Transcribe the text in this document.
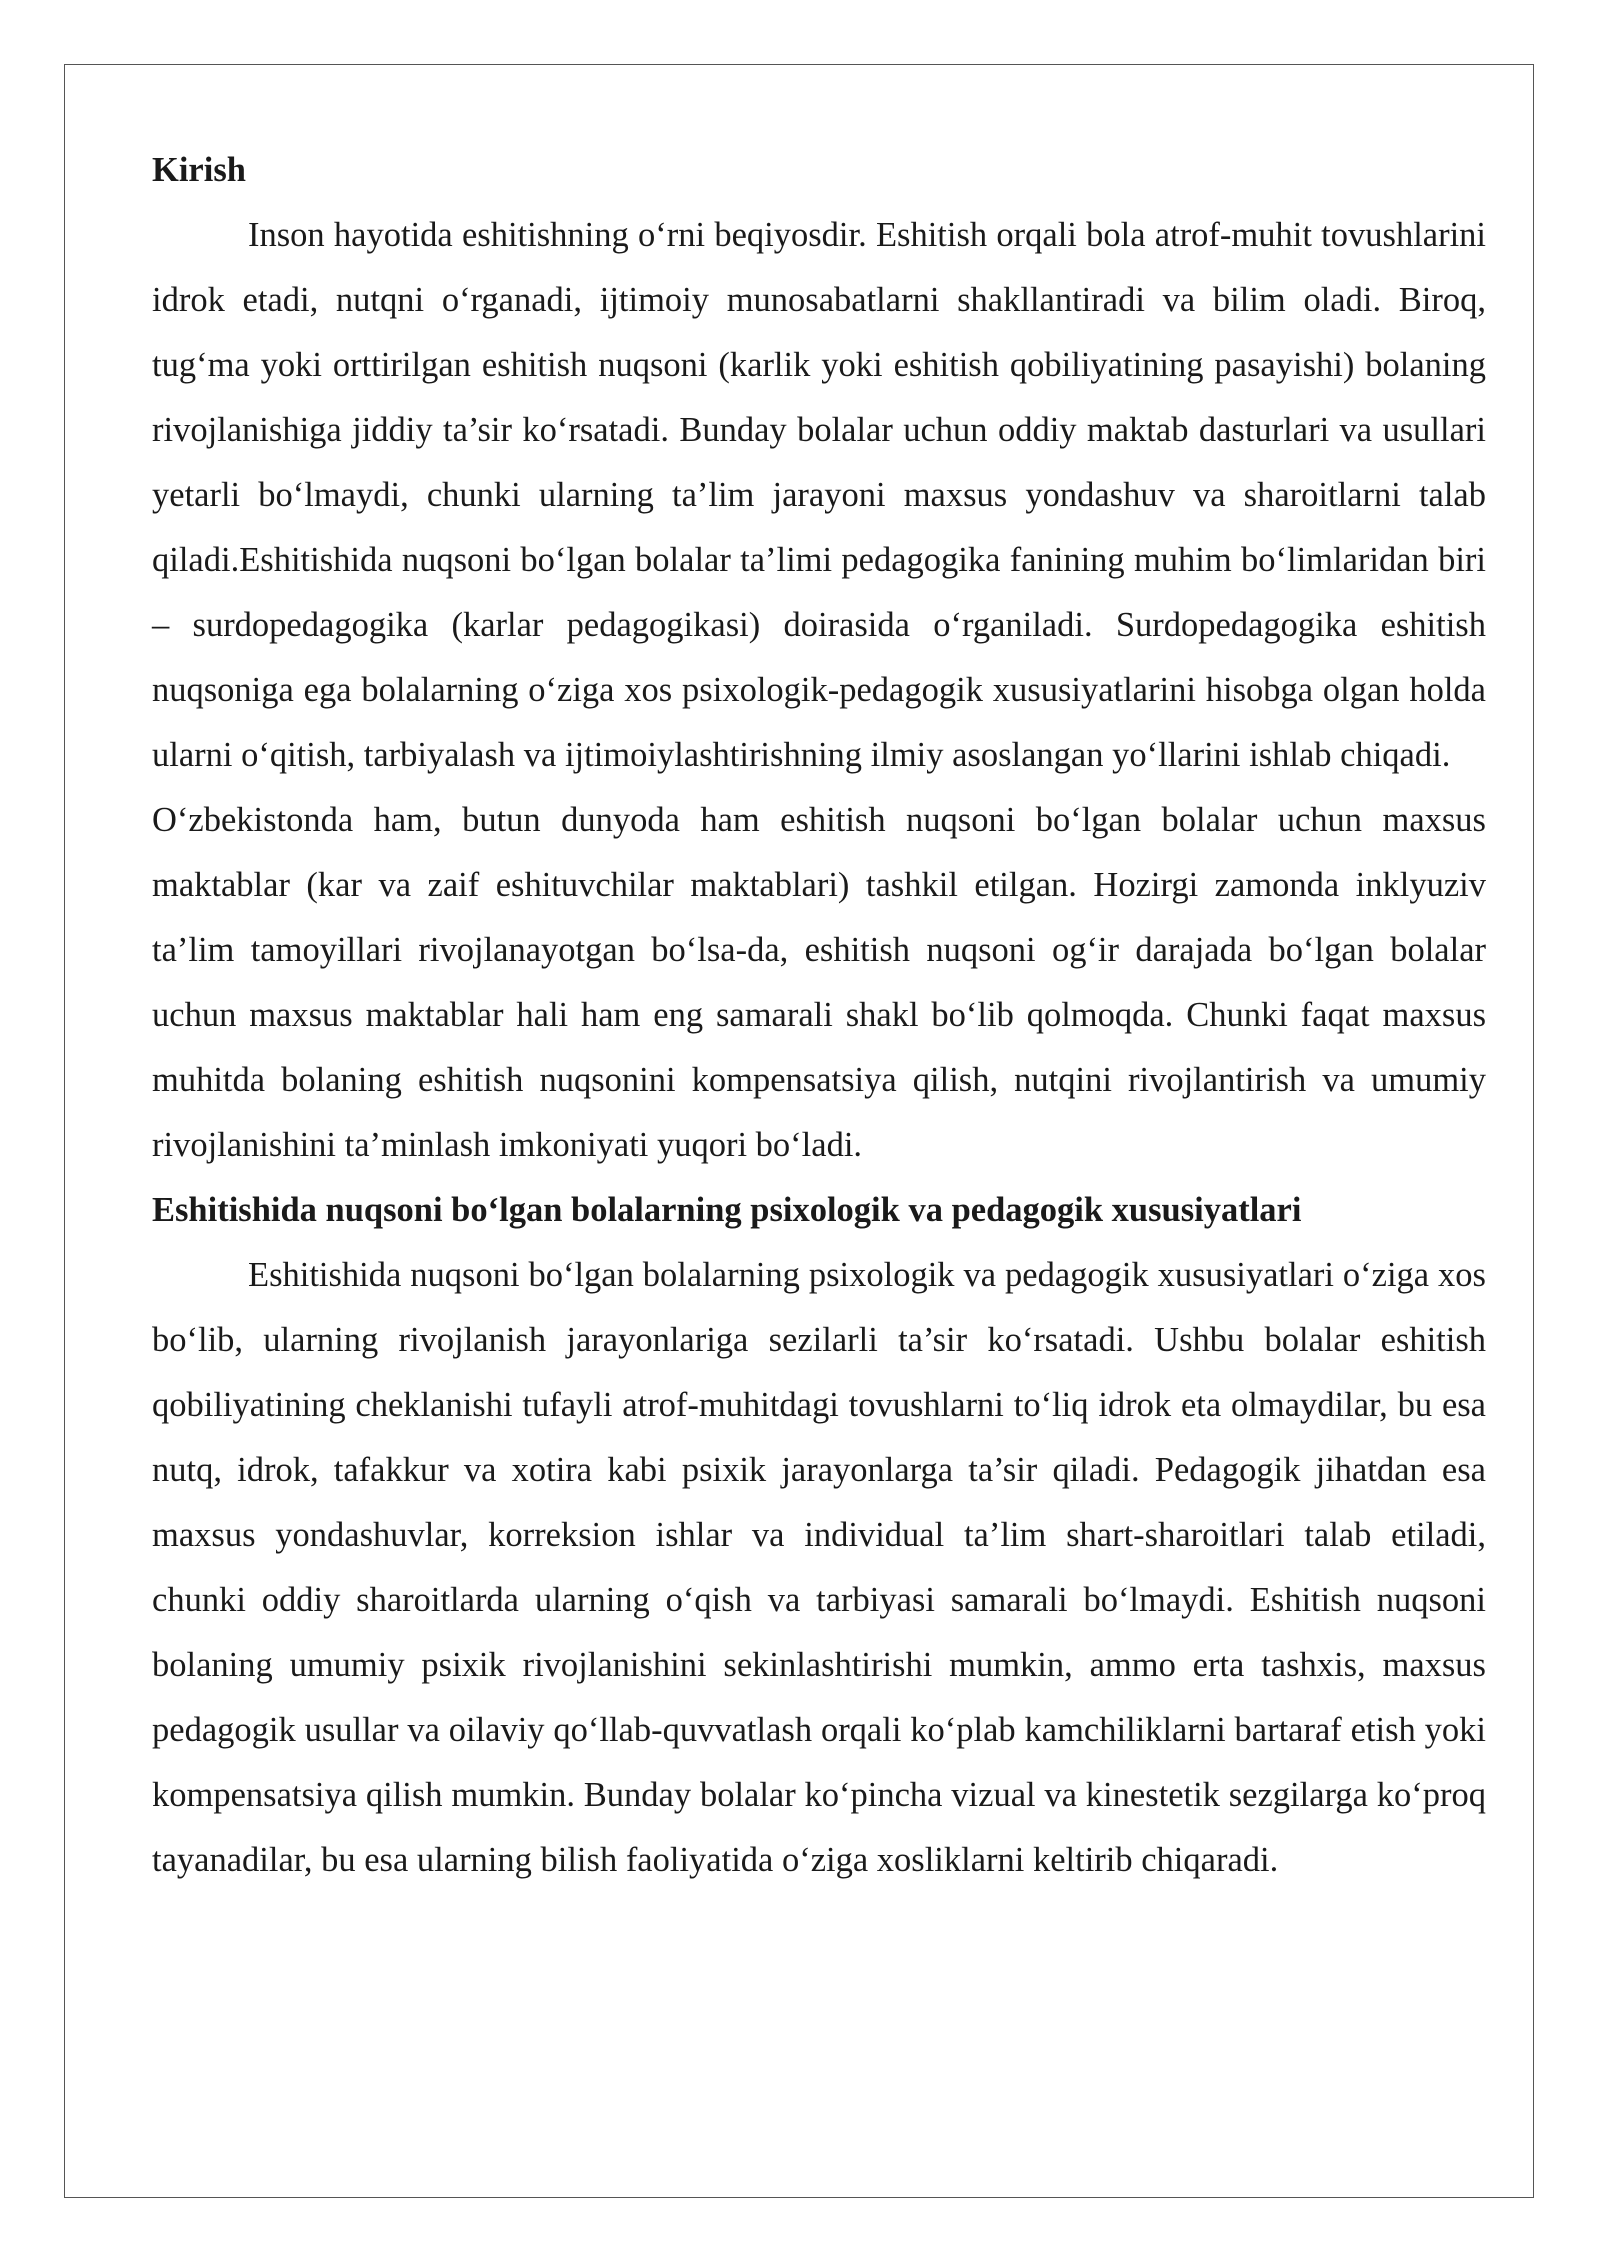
Kirish

Inson hayotida eshitishning o‘rni beqiyosdir. Eshitish orqali bola atrof-muhit tovushlarini idrok etadi, nutqni o‘rganadi, ijtimoiy munosabatlarni shakllantiradi va bilim oladi. Biroq, tug‘ma yoki orttirilgan eshitish nuqsoni (karlik yoki eshitish qobiliyatining pasayishi) bolaning rivojlanishiga jiddiy ta’sir ko‘rsatadi. Bunday bolalar uchun oddiy maktab dasturlari va usullari yetarli bo‘lmaydi, chunki ularning ta’lim jarayoni maxsus yondashuv va sharoitlarni talab qiladi.Eshitishida nuqsoni bo‘lgan bolalar ta’limi pedagogika fanining muhim bo‘limlaridan biri – surdopedagogika (karlar pedagogikasi) doirasida o‘rganiladi. Surdopedagogika eshitish nuqsoniga ega bolalarning o‘ziga xos psixologik-pedagogik xususiyatlarini hisobga olgan holda ularni o‘qitish, tarbiyalash va ijtimoiylashtirishning ilmiy asoslangan yo‘llarini ishlab chiqadi.

O‘zbekistonda ham, butun dunyoda ham eshitish nuqsoni bo‘lgan bolalar uchun maxsus maktablar (kar va zaif eshituvchilar maktablari) tashkil etilgan. Hozirgi zamonda inklyuziv ta’lim tamoyillari rivojlanayotgan bo‘lsa-da, eshitish nuqsoni og‘ir darajada bo‘lgan bolalar uchun maxsus maktablar hali ham eng samarali shakl bo‘lib qolmoqda. Chunki faqat maxsus muhitda bolaning eshitish nuqsonini kompensatsiya qilish, nutqini rivojlantirish va umumiy rivojlanishini ta’minlash imkoniyati yuqori bo‘ladi.

Eshitishida nuqsoni bo‘lgan bolalarning psixologik va pedagogik xususiyatlari

Eshitishida nuqsoni bo‘lgan bolalarning psixologik va pedagogik xususiyatlari o‘ziga xos bo‘lib, ularning rivojlanish jarayonlariga sezilarli ta’sir ko‘rsatadi. Ushbu bolalar eshitish qobiliyatining cheklanishi tufayli atrof-muhitdagi tovushlarni to‘liq idrok eta olmaydilar, bu esa nutq, idrok, tafakkur va xotira kabi psixik jarayonlarga ta’sir qiladi. Pedagogik jihatdan esa maxsus yondashuvlar, korreksion ishlar va individual ta’lim shart-sharoitlari talab etiladi, chunki oddiy sharoitlarda ularning o‘qish va tarbiyasi samarali bo‘lmaydi. Eshitish nuqsoni bolaning umumiy psixik rivojlanishini sekinlashtirishi mumkin, ammo erta tashxis, maxsus pedagogik usullar va oilaviy qo‘llab-quvvatlash orqali ko‘plab kamchiliklarni bartaraf etish yoki kompensatsiya qilish mumkin. Bunday bolalar ko‘pincha vizual va kinestetik sezgilarga ko‘proq tayanadilar, bu esa ularning bilish faoliyatida o‘ziga xosliklarni keltirib chiqaradi.
